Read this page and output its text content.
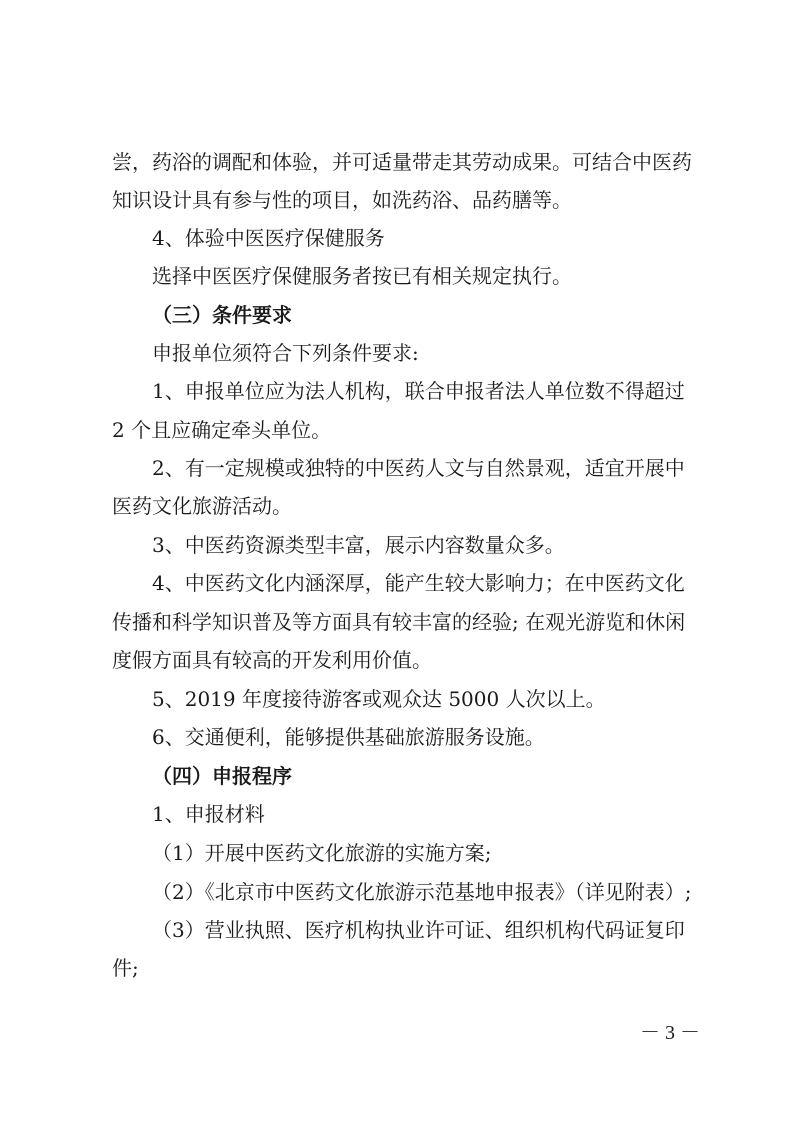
尝，药浴的调配和体验，并可适量带走其劳动成果。可结合中医药
知识设计具有参与性的项目，如洗药浴、品药膳等。
4、体验中医医疗保健服务
选择中医医疗保健服务者按已有相关规定执行。
（三）条件要求
申报单位须符合下列条件要求:
1、申报单位应为法人机构，联合申报者法人单位数不得超过
2 个且应确定牵头单位。
2、有一定规模或独特的中医药人文与自然景观，适宜开展中
医药文化旅游活动。
3、中医药资源类型丰富，展示内容数量众多。
4、中医药文化内涵深厚，能产生较大影响力；在中医药文化
传播和科学知识普及等方面具有较丰富的经验; 在观光游览和休闲
度假方面具有较高的开发利用价值。
5、2019 年度接待游客或观众达 5000 人次以上。
6、交通便利，能够提供基础旅游服务设施。
（四）申报程序
1、申报材料
（1）开展中医药文化旅游的实施方案;
（2）《北京市中医药文化旅游示范基地申报表》（详见附表）;
（3）营业执照、医疗机构执业许可证、组织机构代码证复印
件;
－ 3 －
